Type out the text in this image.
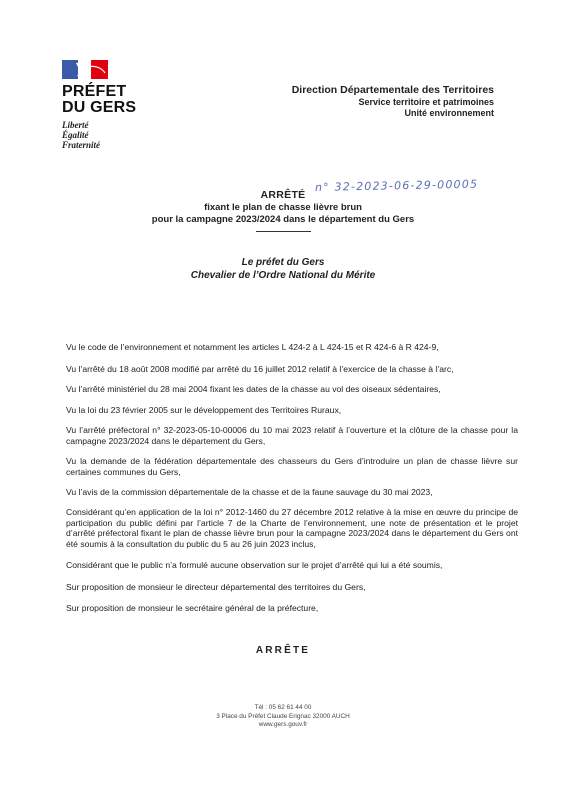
PRÉFET
DU GERS
Liberté
Égalité
Fraternité
Direction Départementale des Territoires
Service territoire et patrimoines
Unité environnement
ARRÊTÉ
n° 32-2023-06-29-00005
fixant le plan de chasse lièvre brun
pour la campagne 2023/2024 dans le département du Gers
Le préfet du Gers
Chevalier de l’Ordre National du Mérite
Vu le code de l’environnement et notamment les articles L 424-2 à L 424-15 et R 424-6 à R 424-9,
Vu l’arrêté du 18 août 2008 modifié par arrêté du 16 juillet 2012 relatif à l’exercice de la chasse à l’arc,
Vu l’arrêté ministériel du 28 mai 2004 fixant les dates de la chasse au vol des oiseaux sédentaires,
Vu la loi du 23 février 2005 sur le développement des Territoires Ruraux,
Vu l’arrêté préfectoral n° 32-2023-05-10-00006 du 10 mai 2023 relatif à l’ouverture et la clôture de la chasse pour la campagne 2023/2024 dans le département du Gers,
Vu la demande de la fédération départementale des chasseurs du Gers d’introduire un plan de chasse lièvre sur certaines communes du Gers,
Vu l’avis de la commission départementale de la chasse et de la faune sauvage du 30 mai 2023,
Considérant qu’en application de la loi n° 2012-1460 du 27 décembre 2012 relative à la mise en œuvre du principe de participation du public défini par l’article 7 de la Charte de l’environnement, une note de présentation et le projet d’arrêté préfectoral fixant le plan de chasse lièvre brun pour la campagne 2023/2024 dans le département du Gers ont été soumis à la consultation du public du 5 au 26 juin 2023 inclus,
Considérant que le public n’a formulé aucune observation sur le projet d’arrêté qui lui a été soumis,
Sur proposition de monsieur le directeur départemental des territoires du Gers,
Sur proposition de monsieur le secrétaire général de la préfecture,
ARRÊTE
Tél : 05 62 61 44 00
3 Place du Préfet Claude Erignac 32000 AUCH
www.gers.gouv.fr
